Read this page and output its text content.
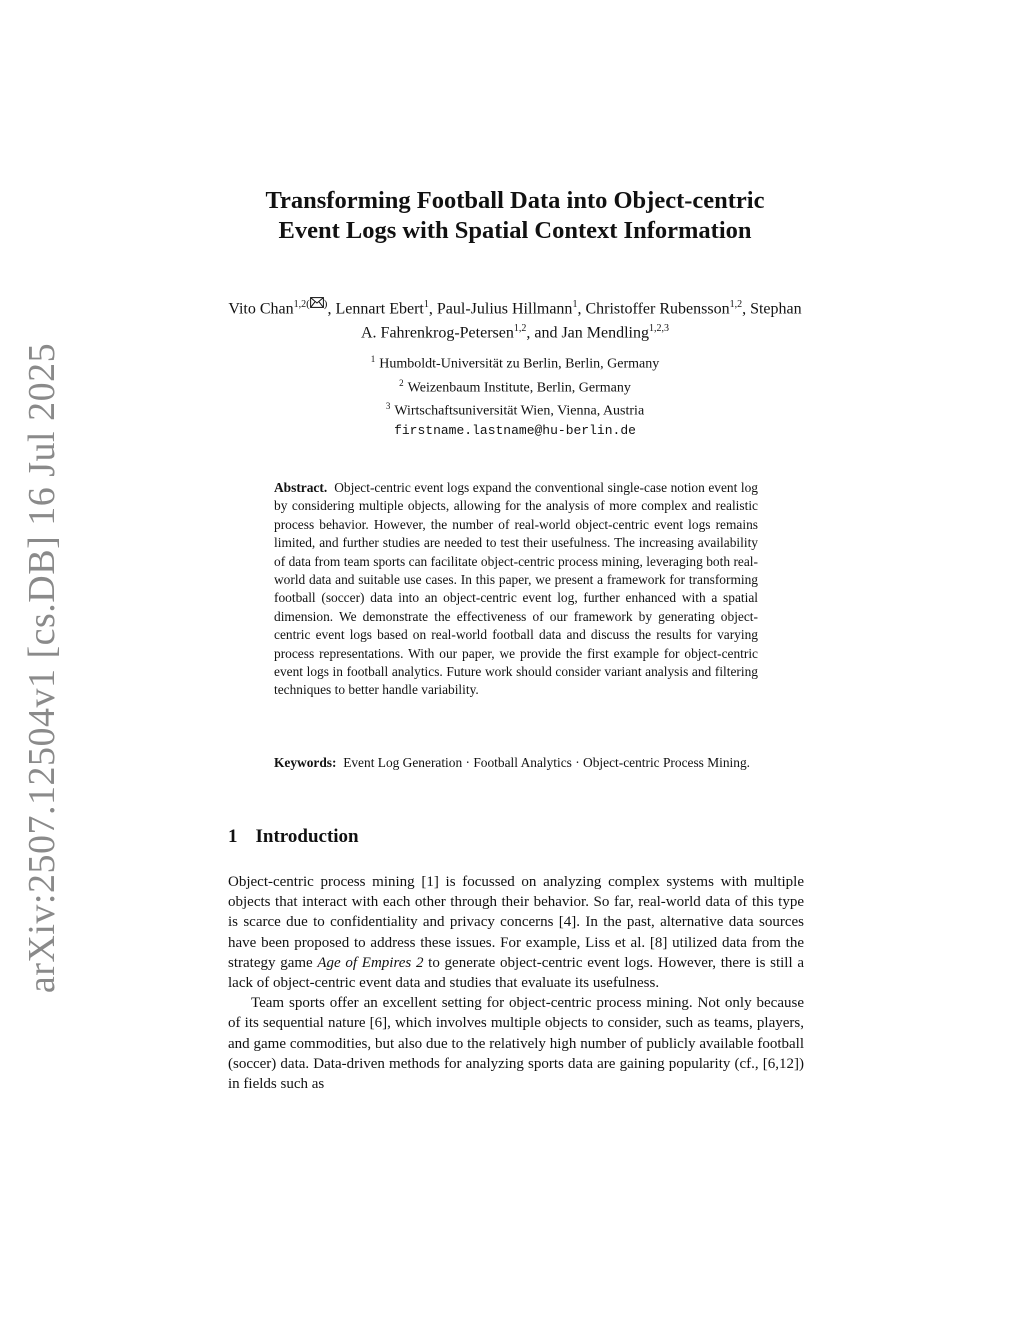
arXiv:2507.12504v1 [cs.DB] 16 Jul 2025
Transforming Football Data into Object-centric
Event Logs with Spatial Context Information
Vito Chan$^{1,2}$( ), Lennart Ebert$^1$, Paul-Julius Hillmann$^1$, Christoffer Rubensson$^{1,2}$, Stephan A. Fahrenkrog-Petersen$^{1,2}$, and Jan Mendling$^{1,2,3}$
$^1$ Humboldt-Universität zu Berlin, Berlin, Germany
$^2$ Weizenbaum Institute, Berlin, Germany
$^3$ Wirtschaftsuniversität Wien, Vienna, Austria
firstname.lastname@hu-berlin.de
Abstract. Object-centric event logs expand the conventional single-case notion event log by considering multiple objects, allowing for the analysis of more complex and realistic process behavior. However, the number of real-world object-centric event logs remains limited, and further studies are needed to test their usefulness. The increasing availability of data from team sports can facilitate object-centric process mining, leveraging both real-world data and suitable use cases. In this paper, we present a framework for transforming football (soccer) data into an object-centric event log, further enhanced with a spatial dimension. We demonstrate the effectiveness of our framework by generating object-centric event logs based on real-world football data and discuss the results for varying process representations. With our paper, we provide the first example for object-centric event logs in football analytics. Future work should consider variant analysis and filtering techniques to better handle variability.
Keywords: Event Log Generation · Football Analytics · Object-centric Process Mining.
1 Introduction

Object-centric process mining [1] is focussed on analyzing complex systems with multiple objects that interact with each other through their behavior. So far, real-world data of this type is scarce due to confidentiality and privacy concerns [4]. In the past, alternative data sources have been proposed to address these issues. For example, Liss et al. [8] utilized data from the strategy game Age of Empires 2 to generate object-centric event logs. However, there is still a lack of object-centric event data and studies that evaluate its usefulness.

Team sports offer an excellent setting for object-centric process mining. Not only because of its sequential nature [6], which involves multiple objects to consider, such as teams, players, and game commodities, but also due to the relatively high number of publicly available football (soccer) data. Data-driven methods for analyzing sports data are gaining popularity (cf., [6,12]) in fields such as
